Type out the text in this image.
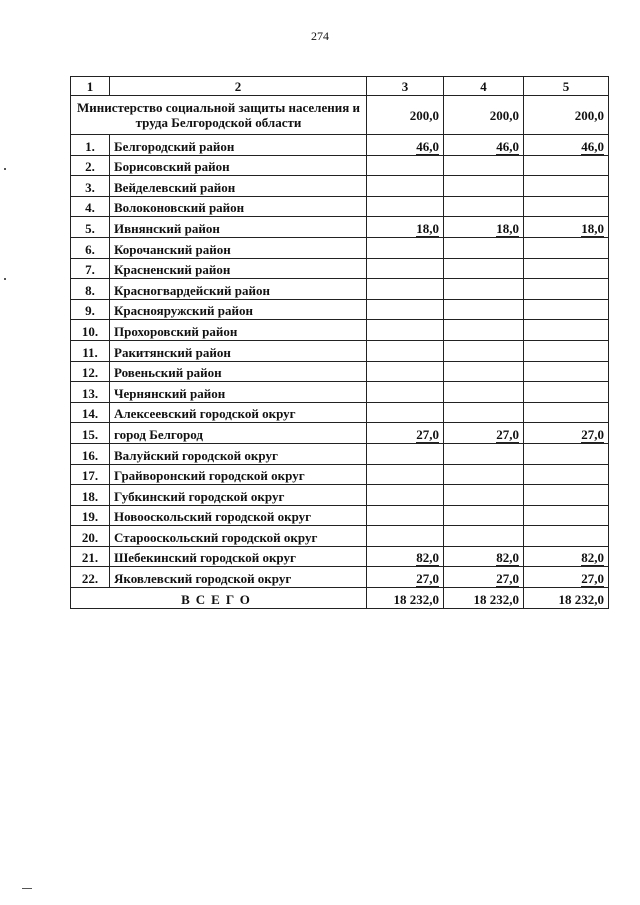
274
1	2	3	4	5
Министерство социальной защиты населения и труда Белгородской области		200,0	200,0	200,0
1.	Белгородский район	46,0	46,0	46,0
2.	Борисовский район			
3.	Вейделевский район			
4.	Волоконовский район			
5.	Ивнянский район	18,0	18,0	18,0
6.	Корочанский район			
7.	Красненский район			
8.	Красногвардейский район			
9.	Краснояружский район			
10.	Прохоровский район			
11.	Ракитянский район			
12.	Ровеньский район			
13.	Чернянский район			
14.	Алексеевский городской округ			
15.	город Белгород	27,0	27,0	27,0
16.	Валуйский городской округ			
17.	Грайворонский городской округ			
18.	Губкинский городской округ			
19.	Новооскольский городской округ			
20.	Старооскольский городской округ			
21.	Шебекинский городской округ	82,0	82,0	82,0
22.	Яковлевский городской округ	27,0	27,0	27,0
ВСЕГО		18 232,0	18 232,0	18 232,0
